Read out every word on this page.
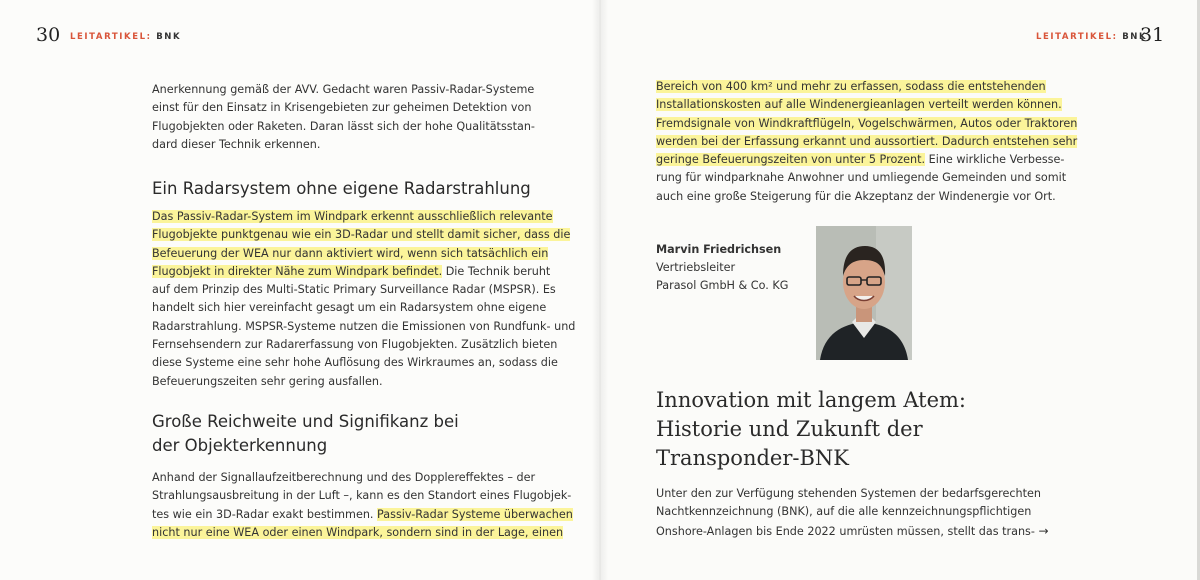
30 LEITARTIKEL: BNK
Anerkennung gemäß der AVV. Gedacht waren Passiv-Radar-Systeme
einst für den Einsatz in Krisengebieten zur geheimen Detektion von
Flugobjekten oder Raketen. Daran lässt sich der hohe Qualitätsstan-
dard dieser Technik erkennen.
Ein Radarsystem ohne eigene Radarstrahlung
Das Passiv-Radar-System im Windpark erkennt ausschließlich relevante
Flugobjekte punktgenau wie ein 3D-Radar und stellt damit sicher, dass die
Befeuerung der WEA nur dann aktiviert wird, wenn sich tatsächlich ein
Flugobjekt in direkter Nähe zum Windpark befindet. Die Technik beruht
auf dem Prinzip des Multi-Static Primary Surveillance Radar (MSPSR). Es
handelt sich hier vereinfacht gesagt um ein Radarsystem ohne eigene
Radarstrahlung. MSPSR-Systeme nutzen die Emissionen von Rundfunk- und
Fernsehsendern zur Radarerfassung von Flugobjekten. Zusätzlich bieten
diese Systeme eine sehr hohe Auflösung des Wirkraumes an, sodass die
Befeuerungszeiten sehr gering ausfallen.
Große Reichweite und Signifikanz bei
der Objekterkennung
Anhand der Signallaufzeitberechnung und des Dopplereffektes – der
Strahlungsausbreitung in der Luft –, kann es den Standort eines Flugobjek-
tes wie ein 3D-Radar exakt bestimmen. Passiv-Radar Systeme überwachen
nicht nur eine WEA oder einen Windpark, sondern sind in der Lage, einen
31
LEITARTIKEL: BNK
Bereich von 400 km² und mehr zu erfassen, sodass die entstehenden
Installationskosten auf alle Windenergieanlagen verteilt werden können.
Fremdsignale von Windkraftflügeln, Vogelschwärmen, Autos oder Traktoren
werden bei der Erfassung erkannt und aussortiert. Dadurch entstehen sehr
geringe Befeuerungszeiten von unter 5 Prozent. Eine wirkliche Verbesse-
rung für windparknahe Anwohner und umliegende Gemeinden und somit
auch eine große Steigerung für die Akzeptanz der Windenergie vor Ort.
Marvin Friedrichsen
Vertriebsleiter
Parasol GmbH & Co. KG
Innovation mit langem Atem:
Historie und Zukunft der
Transponder-BNK
Unter den zur Verfügung stehenden Systemen der bedarfsgerechten
Nachtkennzeichnung (BNK), auf die alle kennzeichnungspflichtigen
Onshore-Anlagen bis Ende 2022 umrüsten müssen, stellt das trans- →
